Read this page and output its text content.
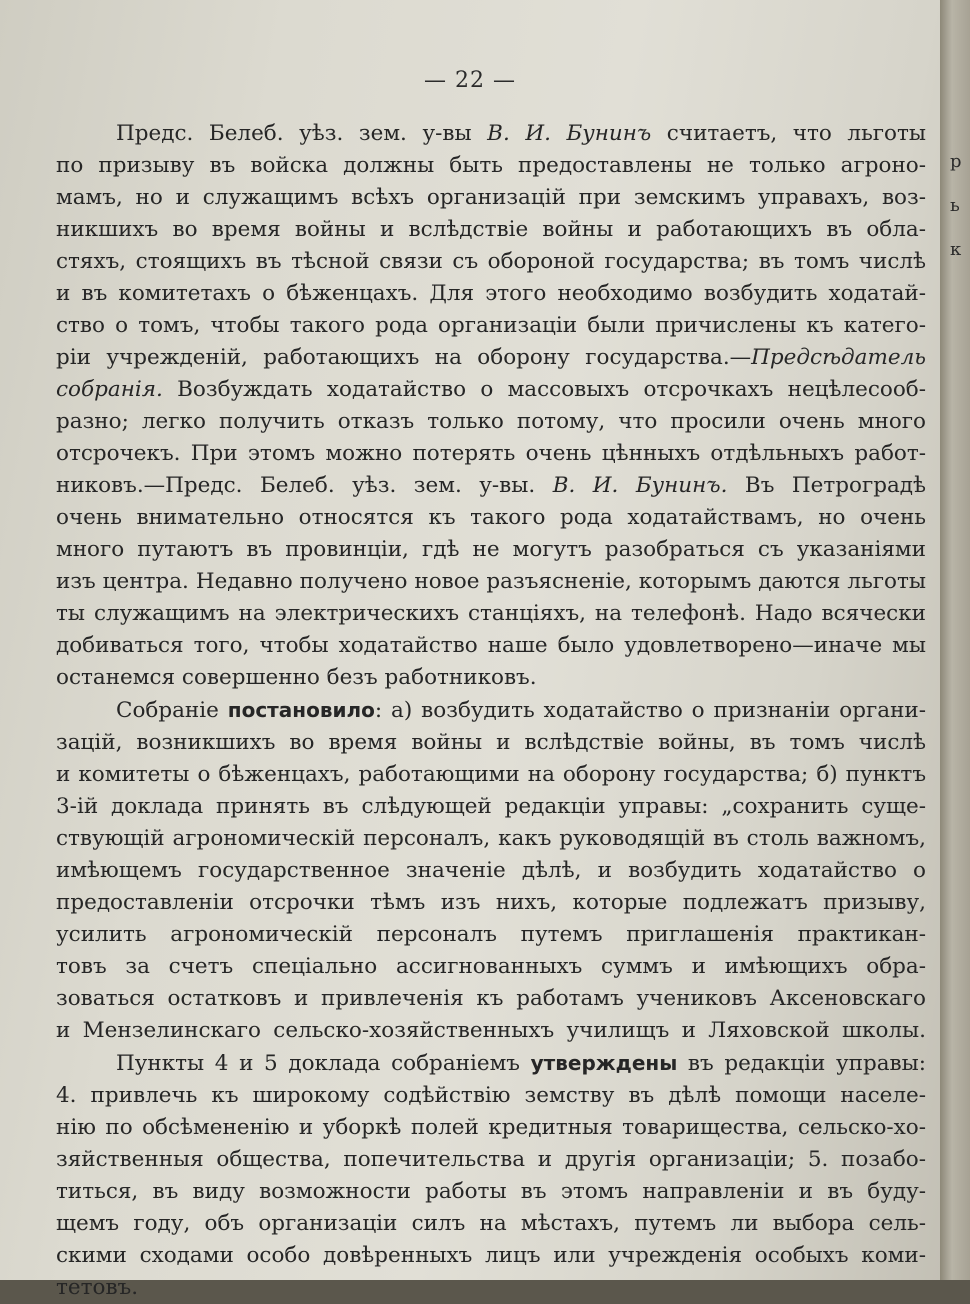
— 22 —
Предс. Белеб. уѣз. зем. у-вы В. И. Бунинъ считаетъ, что льготы
по призыву въ войска должны быть предоставлены не только агроно-
мамъ, но и служащимъ всѣхъ организацій при земскимъ управахъ, воз-
никшихъ во время войны и вслѣдствіе войны и работающихъ въ обла-
стяхъ, стоящихъ въ тѣсной связи съ обороной государства; въ томъ числѣ
и въ комитетахъ о бѣженцахъ. Для этого необходимо возбудить ходатай-
ство о томъ, чтобы такого рода организаціи были причислены къ катего-
ріи учрежденій, работающихъ на оборону государства.—Предсѣдатель
собранія. Возбуждать ходатайство о массовыхъ отсрочкахъ нецѣлесооб-
разно; легко получить отказъ только потому, что просили очень много
отсрочекъ. При этомъ можно потерять очень цѣнныхъ отдѣльныхъ работ-
никовъ.—Предс. Белеб. уѣз. зем. у-вы. В. И. Бунинъ. Въ Петроградѣ
очень внимательно относятся къ такого рода ходатайствамъ, но очень
много путаютъ въ провинціи, гдѣ не могутъ разобраться съ указаніями
изъ центра. Недавно получено новое разъясненіе, которымъ даются льготы
ты служащимъ на электрическихъ станціяхъ, на телефонѣ. Надо всячески
добиваться того, чтобы ходатайство наше было удовлетворено—иначе мы
останемся совершенно безъ работниковъ.
Собраніе постановило: а) возбудить ходатайство о признаніи органи-
зацій, возникшихъ во время войны и вслѣдствіе войны, въ томъ числѣ
и комитеты о бѣженцахъ, работающими на оборону государства; б) пунктъ
3-ій доклада принять въ слѣдующей редакціи управы: „сохранить суще-
ствующій агрономическій персоналъ, какъ руководящій въ столь важномъ,
имѣющемъ государственное значеніе дѣлѣ, и возбудить ходатайство о
предоставленіи отсрочки тѣмъ изъ нихъ, которые подлежатъ призыву,
усилить агрономическій персоналъ путемъ приглашенія практикан-
товъ за счетъ спеціально ассигнованныхъ суммъ и имѣющихъ обра-
зоваться остатковъ и привлеченія къ работамъ учениковъ Аксеновскаго
и Мензелинскаго сельско-хозяйственныхъ училищъ и Ляховской школы.
Пункты 4 и 5 доклада собраніемъ утверждены въ редакціи управы:
4. привлечь къ широкому содѣйствію земству въ дѣлѣ помощи населе-
нію по обсѣмененію и уборкѣ полей кредитныя товарищества, сельско-хо-
зяйственныя общества, попечительства и другія организаціи; 5. позабо-
титься, въ виду возможности работы въ этомъ направленіи и въ буду-
щемъ году, объ организаціи силъ на мѣстахъ, путемъ ли выбора сель-
скими сходами особо довѣренныхъ лицъ или учрежденія особыхъ коми-
тетовъ.
р
ь
к
